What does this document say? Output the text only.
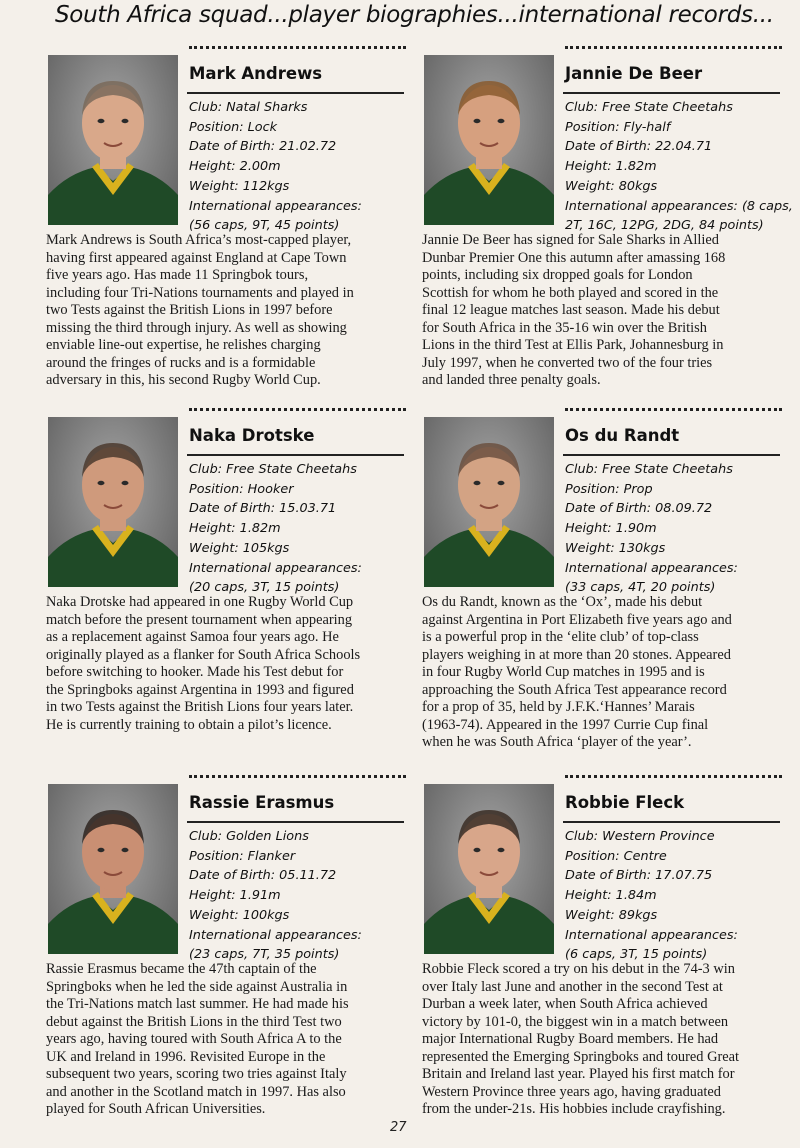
South Africa squad...player biographies...international records...
Mark Andrews
Club: Natal Sharks
Position: Lock
Date of Birth: 21.02.72
Height: 2.00m
Weight: 112kgs
International appearances:
(56 caps, 9T, 45 points)
Mark Andrews is South Africa’s most-capped player,
having first appeared against England at Cape Town
five years ago. Has made 11 Springbok tours,
including four Tri-Nations tournaments and played in
two Tests against the British Lions in 1997 before
missing the third through injury. As well as showing
enviable line-out expertise, he relishes charging
around the fringes of rucks and is a formidable
adversary in this, his second Rugby World Cup.
Jannie De Beer
Club: Free State Cheetahs
Position: Fly-half
Date of Birth: 22.04.71
Height: 1.82m
Weight: 80kgs
International appearances: (8 caps,
2T, 16C, 12PG, 2DG, 84 points)
Jannie De Beer has signed for Sale Sharks in Allied
Dunbar Premier One this autumn after amassing 168
points, including six dropped goals for London
Scottish for whom he both played and scored in the
final 12 league matches last season. Made his debut
for South Africa in the 35-16 win over the British
Lions in the third Test at Ellis Park, Johannesburg in
July 1997, when he converted two of the four tries
and landed three penalty goals.
Naka Drotske
Club: Free State Cheetahs
Position: Hooker
Date of Birth: 15.03.71
Height: 1.82m
Weight: 105kgs
International appearances:
(20 caps, 3T, 15 points)
Naka Drotske had appeared in one Rugby World Cup
match before the present tournament when appearing
as a replacement against Samoa four years ago. He
originally played as a flanker for South Africa Schools
before switching to hooker. Made his Test debut for
the Springboks against Argentina in 1993 and figured
in two Tests against the British Lions four years later.
He is currently training to obtain a pilot’s licence.
Os du Randt
Club: Free State Cheetahs
Position: Prop
Date of Birth: 08.09.72
Height: 1.90m
Weight: 130kgs
International appearances:
(33 caps, 4T, 20 points)
Os du Randt, known as the ‘Ox’, made his debut
against Argentina in Port Elizabeth five years ago and
is a powerful prop in the ‘elite club’ of top-class
players weighing in at more than 20 stones. Appeared
in four Rugby World Cup matches in 1995 and is
approaching the South Africa Test appearance record
for a prop of 35, held by J.F.K.‘Hannes’ Marais
(1963-74). Appeared in the 1997 Currie Cup final
when he was South Africa ‘player of the year’.
Rassie Erasmus
Club: Golden Lions
Position: Flanker
Date of Birth: 05.11.72
Height: 1.91m
Weight: 100kgs
International appearances:
(23 caps, 7T, 35 points)
Rassie Erasmus became the 47th captain of the
Springboks when he led the side against Australia in
the Tri-Nations match last summer. He had made his
debut against the British Lions in the third Test two
years ago, having toured with South Africa A to the
UK and Ireland in 1996. Revisited Europe in the
subsequent two years, scoring two tries against Italy
and another in the Scotland match in 1997. Has also
played for South African Universities.
Robbie Fleck
Club: Western Province
Position: Centre
Date of Birth: 17.07.75
Height: 1.84m
Weight: 89kgs
International appearances:
(6 caps, 3T, 15 points)
Robbie Fleck scored a try on his debut in the 74-3 win
over Italy last June and another in the second Test at
Durban a week later, when South Africa achieved
victory by 101-0, the biggest win in a match between
major International Rugby Board members. He had
represented the Emerging Springboks and toured Great
Britain and Ireland last year. Played his first match for
Western Province three years ago, having graduated
from the under-21s. His hobbies include crayfishing.
27
